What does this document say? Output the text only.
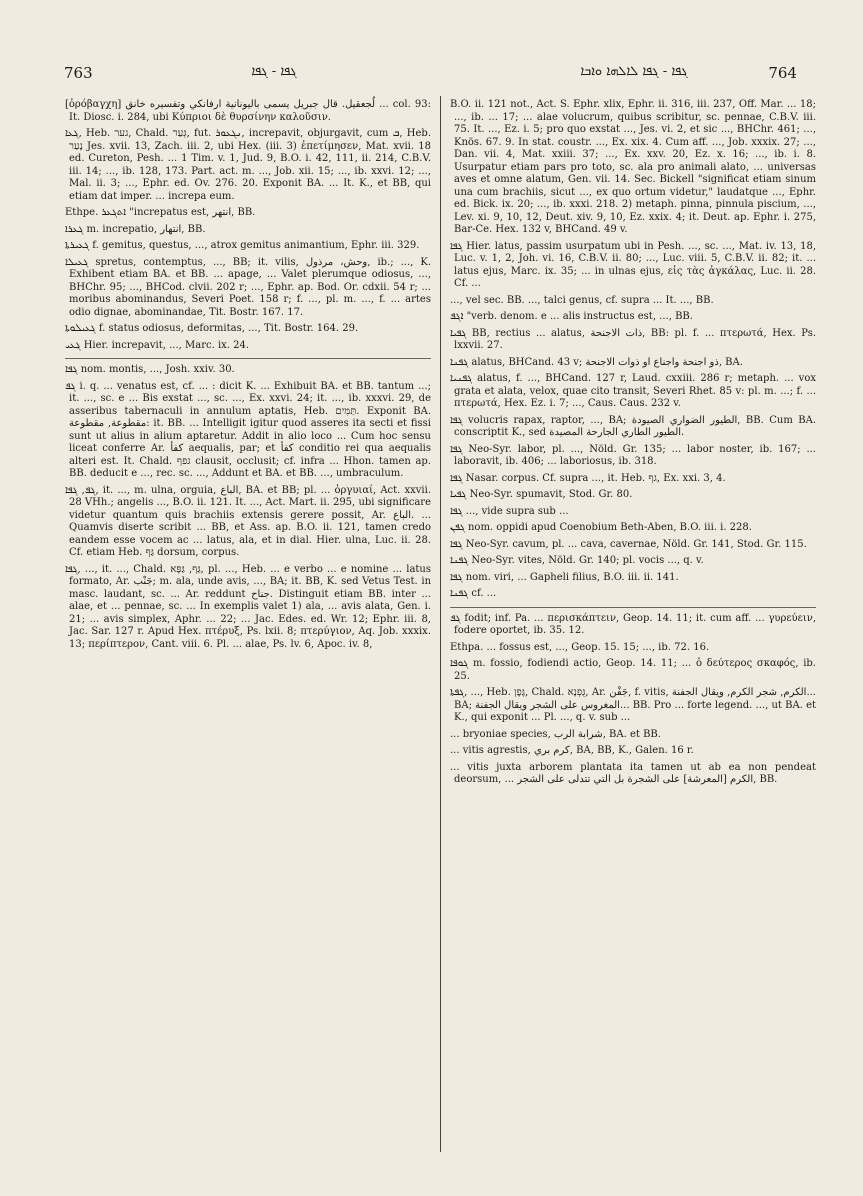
763	ܓܦܐ - ܓܦܐ	ܓܦܐ - ܓܦܐ ܠܐܠܗܐ ܘܐܒܐ	764

[ὀρόβαγχη] لُجعقيل. قال جبريل يسمى باليونانية ارفانكي وتفسيره خانق ... col. 93: It. Diosc. i. 284, ubi Κύπριοι δὲ θυρσίνην καλοῦσιν.

ܓܥܐ, Heb. גער, Chald. גְּעַר, fut. ܢܓܥܘܪ, increpavit, objurgavit, cum ܒ, Heb. נָעַר Jes. xvii. 13, Zach. iii. 2, ubi Hex. (iii. 3) ἐπετίμησεν, Mat. xvii. 18 ed. Cureton, Pesh. ... 1 Tim. v. 1, Jud. 9, B.O. i. 42, 111, ii. 214, C.B.V. iii. 14; ..., ib. 128, 173. Part. act. m. ..., Job. xii. 15; ..., ib. xxvi. 12; ..., Mal. ii. 3; ..., Ephr. ed. Ov. 276. 20. Exponit BA. ... It. K., et BB, qui etiam dat imper. ... increpa eum.

Ethpe. ܐܬܓܥܪ "increpatus est, انتهر, BB.

ܓܥܪܐ m. increpatio, انتهار, BB.

ܓܥܝܪܬܐ f. gemitus, questus, ..., atrox gemitus animantium, Ephr. iii. 329.

ܓܥܝܠܐ spretus, contemptus, ..., BB; it. vilis, وحش، مرذول, ib.; ..., K. Exhibent etiam BA. et BB. ... apage, ... Valet plerumque odiosus, ..., BHChr. 95; ..., BHCod. clvii. 202 r; ..., Ephr. ap. Bod. Or. cdxii. 54 r; ... moribus abominandus, Severi Poet. 158 r; f. ..., pl. m. ..., f. ... artes odio dignae, abominandae, Tit. Bostr. 167. 17.

ܓܥܝܠܘܬܐ f. status odiosus, deformitas, ..., Tit. Bostr. 164. 29.

ܓܥܝ Hier. increpavit, ..., Marc. ix. 24.

ܓܦܐ nom. montis, ..., Josh. xxiv. 30.

ܓܦ i. q. ... venatus est, cf. ... : dicit K. ... Exhibuit BA. et BB. tantum ...; it. ..., sc. e ... Bis exstat ..., sc. ..., Ex. xxvi. 24; it. ..., ib. xxxvi. 29, de asseribus tabernaculi in annulum aptatis, Heb. תַּמִּים. Exponit BA. مقطوعة, مقطوعة: it. BB. ... Intelligit igitur quod asseres ita secti et fissi sunt ut alius in alium aptaretur. Addit in alio loco ... Cum hoc sensu liceat conferre Ar. كفأ aequalis, par; et كفأ conditio rei qua aequalis alteri est. It. Chald. גפף clausit, occlusit; cf. infra ... Hhon. tamen ap. BB. deducit e ..., rec. sc. ..., Addunt et BA. et BB. ..., umbraculum.

ܓܦ, ܓܦܐ, it. ..., m. ulna, orguia, الباع, BA. et BB; pl. ... ὀργυιαί, Act. xxvii. 28 VHh.; angelis ..., B.O. ii. 121. It. ..., Act. Mart. ii. 295, ubi significare videtur quantum quis brachiis extensis gerere possit, Ar. الباع. ... Quamvis diserte scribit ... BB, et Ass. ap. B.O. ii. 121, tamen credo eandem esse vocem ac ... latus, ala, et in dial. Hier. ulna, Luc. ii. 28. Cf. etiam Heb. גַּף dorsum, corpus.

ܓܦܐ, ..., it. ..., Chald. גַּף, גַּפָּא, pl. ..., Heb. ... e verbo ... e nomine ... latus formato, Ar. جَنْب; m. ala, unde avis, ..., BA; it. BB, K. sed Vetus Test. in masc. laudant, sc. ... Ar. reddunt جناح. Distinguit etiam BB. inter ... alae, et ... pennae, sc. ... In exemplis valet 1) ala, ... avis alata, Gen. i. 21; ... avis simplex, Aphr. ... 22; ... Jac. Edes. ed. Wr. 12; Ephr. iii. 8, Jac. Sar. 127 r. Apud Hex. πτέρυξ, Ps. lxii. 8; πτερύγιον, Aq. Job. xxxix. 13; περίπτερον, Cant. viii. 6. Pl. ... alae, Ps. lv. 6, Apoc. iv. 8,

B.O. ii. 121 not., Act. S. Ephr. xlix, Ephr. ii. 316, iii. 237, Off. Mar. ... 18; ..., ib. ... 17; ... alae volucrum, quibus scribitur, sc. pennae, C.B.V. iii. 75. It. ..., Ez. i. 5; pro quo exstat ..., Jes. vi. 2, et sic ..., BHChr. 461; ..., Knös. 67. 9. In stat. coustr. ..., Ex. xix. 4. Cum aff. ..., Job. xxxix. 27; ..., Dan. vii. 4, Mat. xxiii. 37; ..., Ex. xxv. 20, Ez. x. 16; ..., ib. i. 8. Usurpatur etiam pars pro toto, sc. ala pro animali alato, ... universas aves et omne alatum, Gen. vii. 14. Sec. Bickell "significat etiam sinum una cum brachiis, sicut ..., ex quo ortum videtur," laudatque ..., Ephr. ed. Bick. ix. 20; ..., ib. xxxi. 218. 2) metaph. pinna, pinnula piscium, ..., Lev. xi. 9, 10, 12, Deut. xiv. 9, 10, Ez. xxix. 4; it. Deut. ap. Ephr. i. 275, Bar-Ce. Hex. 132 v, BHCand. 49 v.

ܓܦܐ Hier. latus, passim usurpatum ubi in Pesh. ..., sc. ..., Mat. iv. 13, 18, Luc. v. 1, 2, Joh. vi. 16, C.B.V. ii. 80; ..., Luc. viii. 5, C.B.V. ii. 82; it. ... latus ejus, Marc. ix. 35; ... in ulnas ejus, εἰς τὰς ἀγκάλας, Luc. ii. 28. Cf. ...

..., vel sec. BB. ..., talci genus, cf. supra ... It. ..., BB.

ܐܓܦ "verb. denom. e ... alis instructus est, ..., BB.

ܓܦܝܐ BB, rectius ... alatus, ذات الاجنحة, BB: pl. f. ... πτερωτά, Hex. Ps. lxxvii. 27.

ܓܦܢܐ alatus, BHCand. 43 v; ذو اجنحة واجناع او ذوات الاجنحة, BA.

ܓܦܢܝܐ alatus, f. ..., BHCand. 127 r, Laud. cxxiii. 286 r; metaph. ... vox grata et alata, velox, quae cito transit, Severi Rhet. 85 v: pl. m. ...; f. ... πτερωτά, Hex. Ez. i. 7; ..., Caus. Caus. 232 v.

ܓܦܐ volucris rapax, raptor, ..., BA; الطيور الضواري الصيودة, BB. Cum BA. conscriptit K., sed الطيور الطاري الجارحة المصيدة.

ܓܦܐ Neo-Syr. labor, pl. ..., Nöld. Gr. 135; ... labor noster, ib. 167; ... laboravit, ib. 406; ... laboriosus, ib. 318.

ܓܦܐ Nasar. corpus. Cf. supra ..., it. Heb. גף, Ex. xxi. 3, 4.

ܓܦܝܐ Neo-Syr. spumavit, Stod. Gr. 80.

ܓܦܐ ..., vide supra sub ...

ܓܦܢ nom. oppidi apud Coenobium Beth-Aben, B.O. iii. i. 228.

ܓܦܐ Neo-Syr. cavum, pl. ... cava, cavernae, Nöld. Gr. 141, Stod. Gr. 115.

ܓܦܢܐ Neo-Syr. vites, Nöld. Gr. 140; pl. vocis ..., q. v.

ܓܦܐ nom. viri, ... Gapheli filius, B.O. iii. ii. 141.

ܓܦܢܐ cf. ...

ܓܦ fodit; inf. Pa. ... περισκάπτειν, Geop. 14. 11; it. cum aff. ... γυρεύειν, fodere oportet, ib. 35. 12.

Ethpa. ... fossus est, ..., Geop. 15. 15; ..., ib. 72. 16.

ܓܘܦܐ m. fossio, fodiendi actio, Geop. 14. 11; ... ὁ δεύτερος σκαφός, ib. 25.

ܓܦܬܐ, ..., Heb. גֶּפֶן, Chald. גֻּפְנָא, Ar. جَفْن, f. vitis, الكرم, شجر الكرم, ويقال الجفنة... BA; المغروس على الشجر ويقال الجفنة... BB. Pro ... forte legend. ..., ut BA. et K., qui exponit ... Pl. ..., q. v. sub ...

... bryoniae species, شرابة الرب, BA. et BB.

... vitis agrestis, كرم بري, BA, BB, K., Galen. 16 r.

... vitis juxta arborem plantata ita tamen ut ab ea non pendeat deorsum, ... الكرم [المعرشة] على الشجرة بل التي تتدلى على الشجر, BB.
